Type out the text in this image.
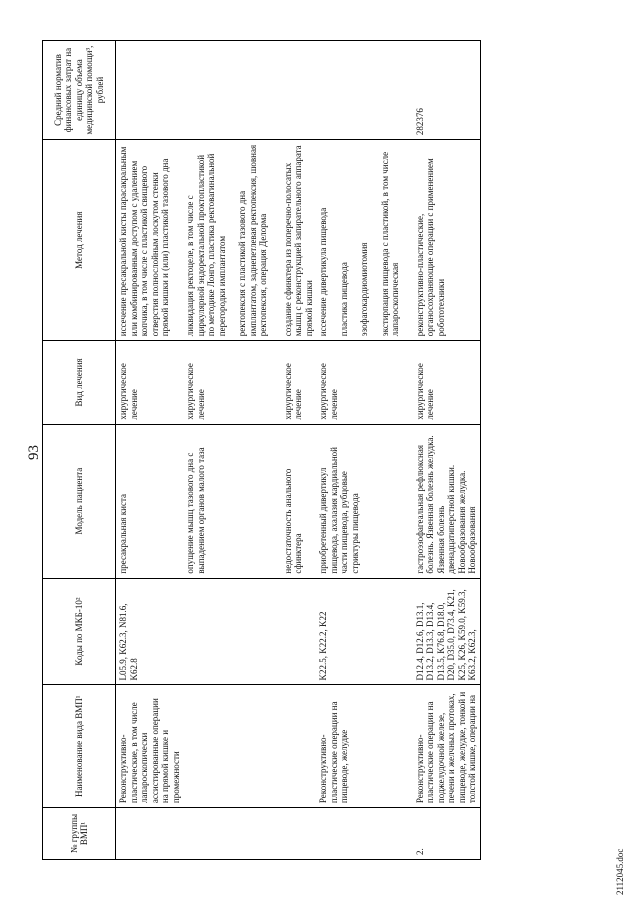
93
№ группы ВМП¹	Наименование вида ВМП¹	Коды по МКБ-10²	Модель пациента	Вид лечения	Метод лечения	Средний норматив финансовых затрат на единицу объема медицинской помощи³, рублей
	Реконструктивно-пластические, в том числе лапароскопически ассистированные операции на прямой кишке и промежности	L05.9, K62.3, N81.6, K62.8	пресакральная киста	хирургическое лечение	иссечение пресакральной кисты парасакральным или комбинированным доступом с удалением копчика, в том числе с пластикой свищевого отверстия полнослойным лоскутом стенки прямой кишки и (или) пластикой тазового дна	
			опущение мышц тазового дна с выпадением органов малого таза	хирургическое лечение	ликвидация ректоцеле, в том числе с циркулярной эндоректальной проктопластикой по методике Лонго, пластика ректовагинальной перегородки имплантатом ректопексия с пластикой тазового дна имплантатом, заднепетлевая ректопексия, шовная ректопексия, операция Делорма	

			недостаточность анального сфинктера	хирургическое лечение	создание сфинктера из поперечно-полосатых мышц с реконструкцией запирательного аппарата прямой кишки	
	Реконструктивно-пластические операции на пищеводе, желудке	K22.5, K22.2, K22	приобретенный дивертикул пищевода, ахалазия кардиальной части пищевода, рубцовые стриктуры пищевода	хирургическое лечение	иссечение дивертикула пищевода пластика пищевода эзофагокардиомиотомия экстирпация пищевода с пластикой, в том числе лапароскопическая	

2.	Реконструктивно-пластические операции на поджелудочной железе, печени и желчных протоках, пищеводе, желудке, тонкой и толстой кишке, операции на	D12.4, D12.6, D13.1, D13.2, D13.3, D13.4, D13.5, K76.8, D18.0, D20, D35.0, D73.4, K21, K25, K26, K59.0, K59.3, K63.2, K62.3,	гастроэзофагеальная рефлюксная болезнь. Язвенная болезнь желудка. Язвенная болезнь двенадцатиперстной кишки. Новообразования желудка. Новообразования	хирургическое лечение	реконструктивно-пластические, органосохраняющие операции с применением робототехники	282376
2112045.doc
